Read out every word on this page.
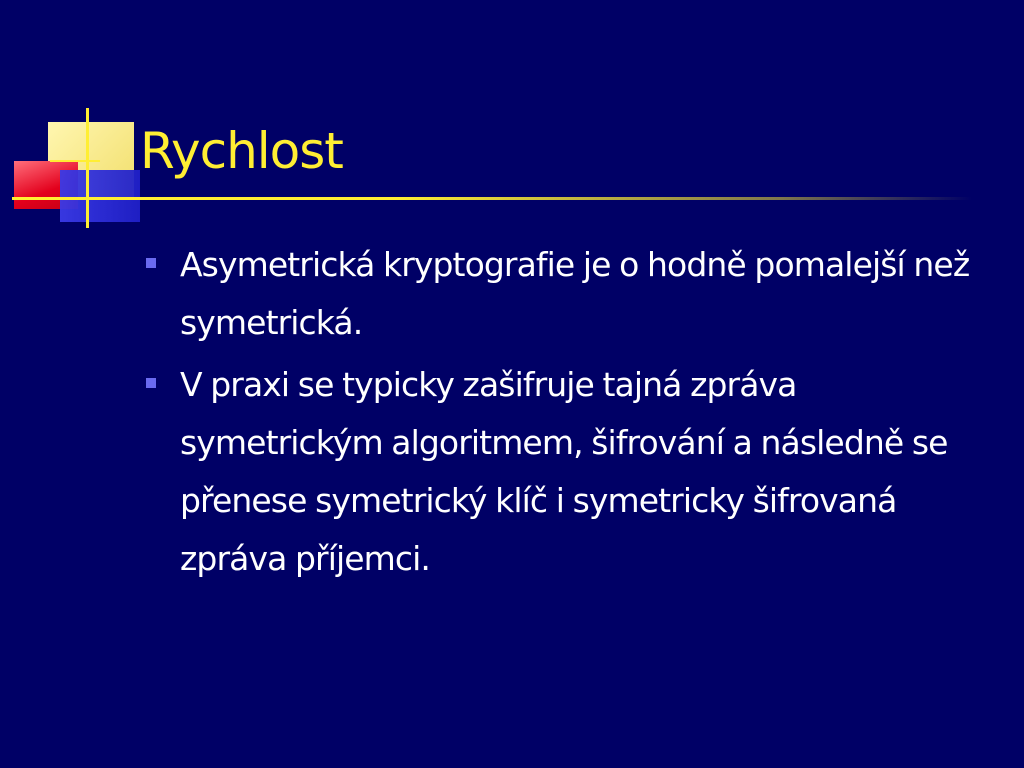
Rychlost
Asymetrická kryptografie je o hodně pomalejší než symetrická.
V praxi se typicky zašifruje tajná zpráva symetrickým algoritmem, šifrování a následně se přenese symetrický klíč i symetricky šifrovaná zpráva příjemci.
